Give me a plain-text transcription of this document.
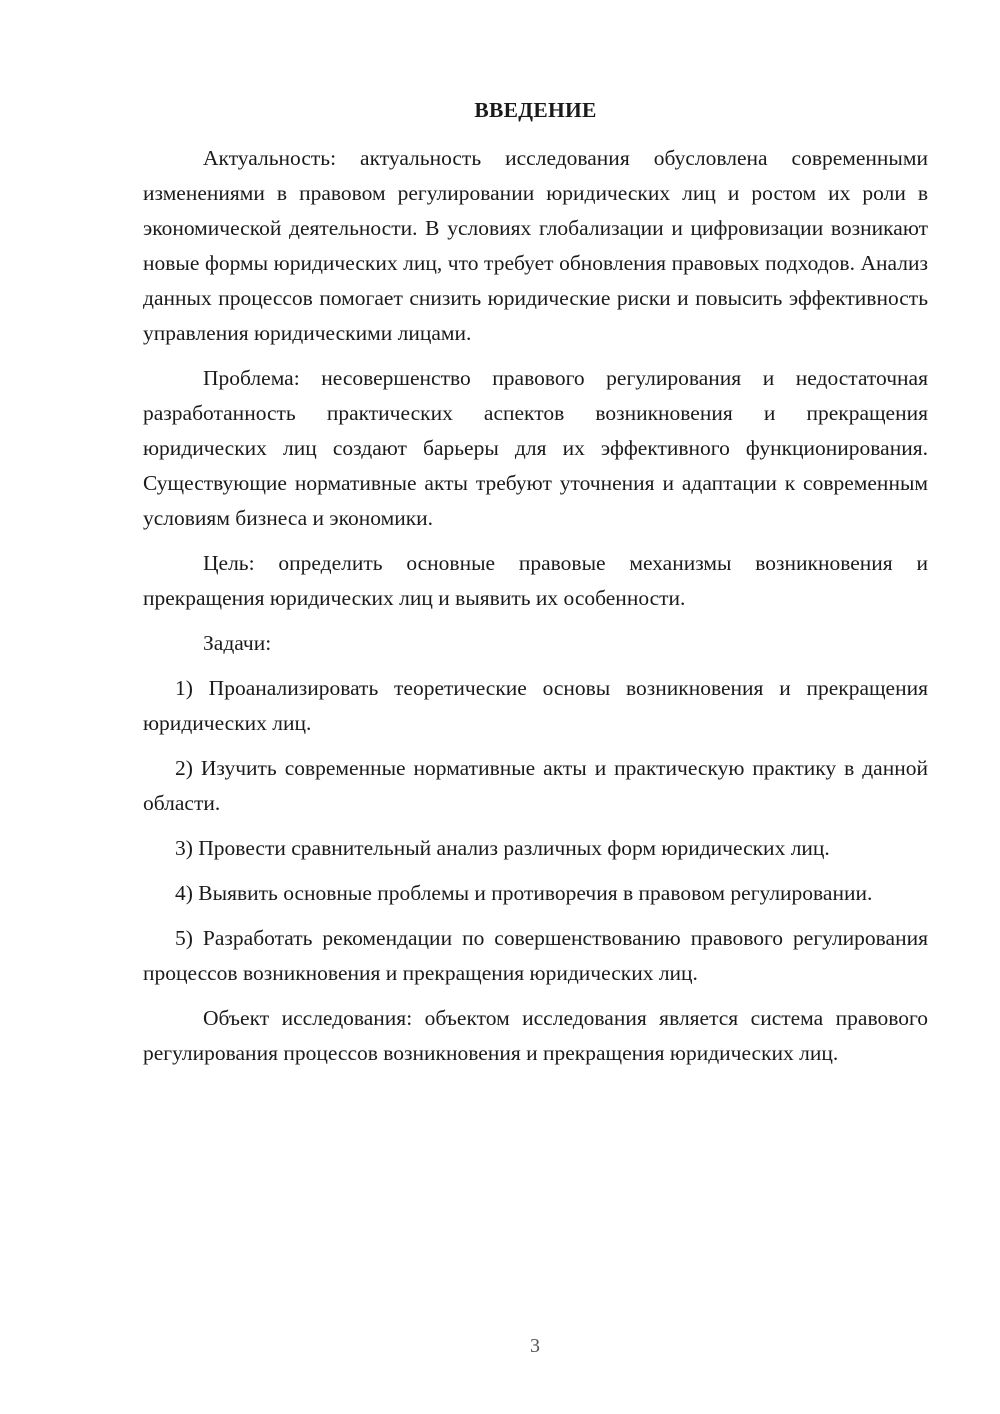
ВВЕДЕНИЕ

Актуальность: актуальность исследования обусловлена современными изменениями в правовом регулировании юридических лиц и ростом их роли в экономической деятельности. В условиях глобализации и цифровизации возникают новые формы юридических лиц, что требует обновления правовых подходов. Анализ данных процессов помогает снизить юридические риски и повысить эффективность управления юридическими лицами.

Проблема: несовершенство правового регулирования и недостаточная разработанность практических аспектов возникновения и прекращения юридических лиц создают барьеры для их эффективного функционирования. Существующие нормативные акты требуют уточнения и адаптации к современным условиям бизнеса и экономики.

Цель: определить основные правовые механизмы возникновения и прекращения юридических лиц и выявить их особенности.

Задачи:

1) Проанализировать теоретические основы возникновения и прекращения юридических лиц.

2) Изучить современные нормативные акты и практическую практику в данной области.

3) Провести сравнительный анализ различных форм юридических лиц.

4) Выявить основные проблемы и противоречия в правовом регулировании.

5) Разработать рекомендации по совершенствованию правового регулирования процессов возникновения и прекращения юридических лиц.

Объект исследования: объектом исследования является система правового регулирования процессов возникновения и прекращения юридических лиц.

3
